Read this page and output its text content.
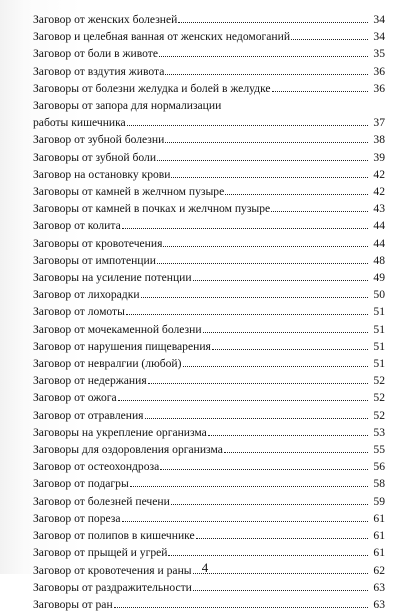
Заговор от женских болезней	34
Заговор и целебная ванная от женских недомоганий	34
Заговор от боли в животе	35
Заговор от вздутия живота	36
Заговоры от болезни желудка и болей в желудке	36
Заговоры от запора для нормализации
работы кишечника	37
Заговор от зубной болезни	38
Заговоры от зубной боли	39
Заговор на остановку крови	42
Заговоры от камней в желчном пузыре	42
Заговоры от камней в почках и желчном пузыре	43
Заговор от колита	44
Заговоры от кровотечения	44
Заговоры от импотенции	48
Заговоры на усиление потенции	49
Заговор от лихорадки	50
Заговор от ломоты	51
Заговор от мочекаменной болезни	51
Заговор от нарушения пищеварения	51
Заговор от невралгии (любой)	51
Заговор от недержания	52
Заговор от ожога	52
Заговор от отравления	52
Заговоры на укрепление организма	53
Заговоры для оздоровления организма	55
Заговор от остеохондроза	56
Заговор от подагры	58
Заговор от болезней печени	59
Заговор от пореза	61
Заговор от полипов в кишечнике	61
Заговор от прыщей и угрей	61
Заговор от кровотечения и раны	62
Заговоры от раздражительности	63
Заговоры от ран	63
4
